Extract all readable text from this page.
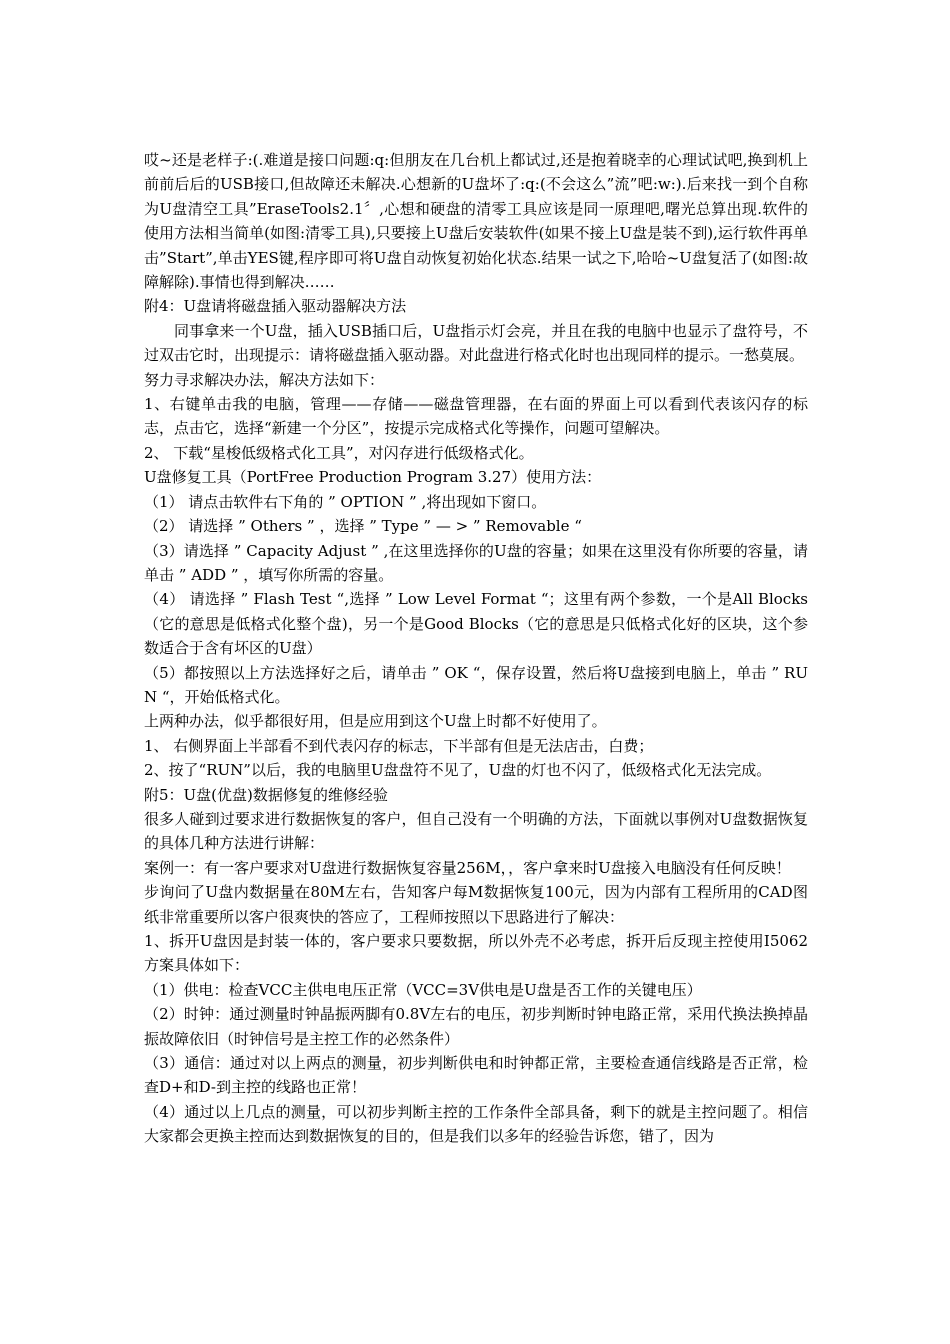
哎~还是老样子:(.难道是接口问题:q:但朋友在几台机上都试过,还是抱着晓幸的心理试试吧,换到机上前前后后的USB接口,但故障还未解决.心想新的U盘坏了:q:(不会这么”流”吧:w:).后来找一到个自称为U盘清空工具”EraseTools2.1〞,心想和硬盘的清零工具应该是同一原理吧,曙光总算出现.软件的使用方法相当简单(如图:清零工具),只要接上U盘后安装软件(如果不接上U盘是装不到),运行软件再单击”Start”,单击YES键,程序即可将U盘自动恢复初始化状态.结果一试之下,哈哈~U盘复活了(如图:故障解除).事情也得到解决……

附4：U盘请将磁盘插入驱动器解决方法

同事拿来一个U盘，插入USB插口后，U盘指示灯会亮，并且在我的电脑中也显示了盘符号，不过双击它时，出现提示：请将磁盘插入驱动器。对此盘进行格式化时也出现同样的提示。一愁莫展。

努力寻求解决办法，解决方法如下：

1、右键单击我的电脑，管理——存储——磁盘管理器，在右面的界面上可以看到代表该闪存的标志，点击它，选择“新建一个分区”，按提示完成格式化等操作，问题可望解决。

2、 下载“星梭低级格式化工具”，对闪存进行低级格式化。

U盘修复工具（PortFree Production Program 3.27）使用方法：

（1） 请点击软件右下角的 ” OPTION ” ,将出现如下窗口。

（2） 请选择 ” Others ” ，选择 ” Type ” — > ” Removable “

（3）请选择 ” Capacity Adjust ” ,在这里选择你的U盘的容量；如果在这里没有你所要的容量，请单击 ” ADD ” ，填写你所需的容量。

（4） 请选择 ” Flash Test “,选择 ” Low Level Format “；这里有两个参数，一个是All Blocks（它的意思是低格式化整个盘)，另一个是Good Blocks（它的意思是只低格式化好的区块，这个参数适合于含有坏区的U盘）

（5）都按照以上方法选择好之后，请单击 ” OK “，保存设置，然后将U盘接到电脑上，单击 ” RUN “，开始低格式化。

上两种办法，似乎都很好用，但是应用到这个U盘上时都不好使用了。

1、 右侧界面上半部看不到代表闪存的标志，下半部有但是无法店击，白费；

2、按了“RUN”以后，我的电脑里U盘盘符不见了，U盘的灯也不闪了，低级格式化无法完成。

附5：U盘(优盘)数据修复的维修经验

很多人碰到过要求进行数据恢复的客户，但自己没有一个明确的方法，下面就以事例对U盘数据恢复的具体几种方法进行讲解：

案例一：有一客户要求对U盘进行数据恢复容量256M，，客户拿来时U盘接入电脑没有任何反映！

步询问了U盘内数据量在80M左右，告知客户每M数据恢复100元，因为内部有工程所用的CAD图纸非常重要所以客户很爽快的答应了，工程师按照以下思路进行了解决：

1、拆开U盘因是封装一体的，客户要求只要数据，所以外壳不必考虑，拆开后反现主控使用I5062方案具体如下：

（1）供电：检查VCC主供电电压正常（VCC=3V供电是U盘是否工作的关键电压）

（2）时钟：通过测量时钟晶振两脚有0.8V左右的电压，初步判断时钟电路正常，采用代换法换掉晶振故障依旧（时钟信号是主控工作的必然条件）

（3）通信：通过对以上两点的测量，初步判断供电和时钟都正常，主要检查通信线路是否正常，检查D+和D-到主控的线路也正常！

（4）通过以上几点的测量，可以初步判断主控的工作条件全部具备，剩下的就是主控问题了。相信大家都会更换主控而达到数据恢复的目的，但是我们以多年的经验告诉您，错了，因为
